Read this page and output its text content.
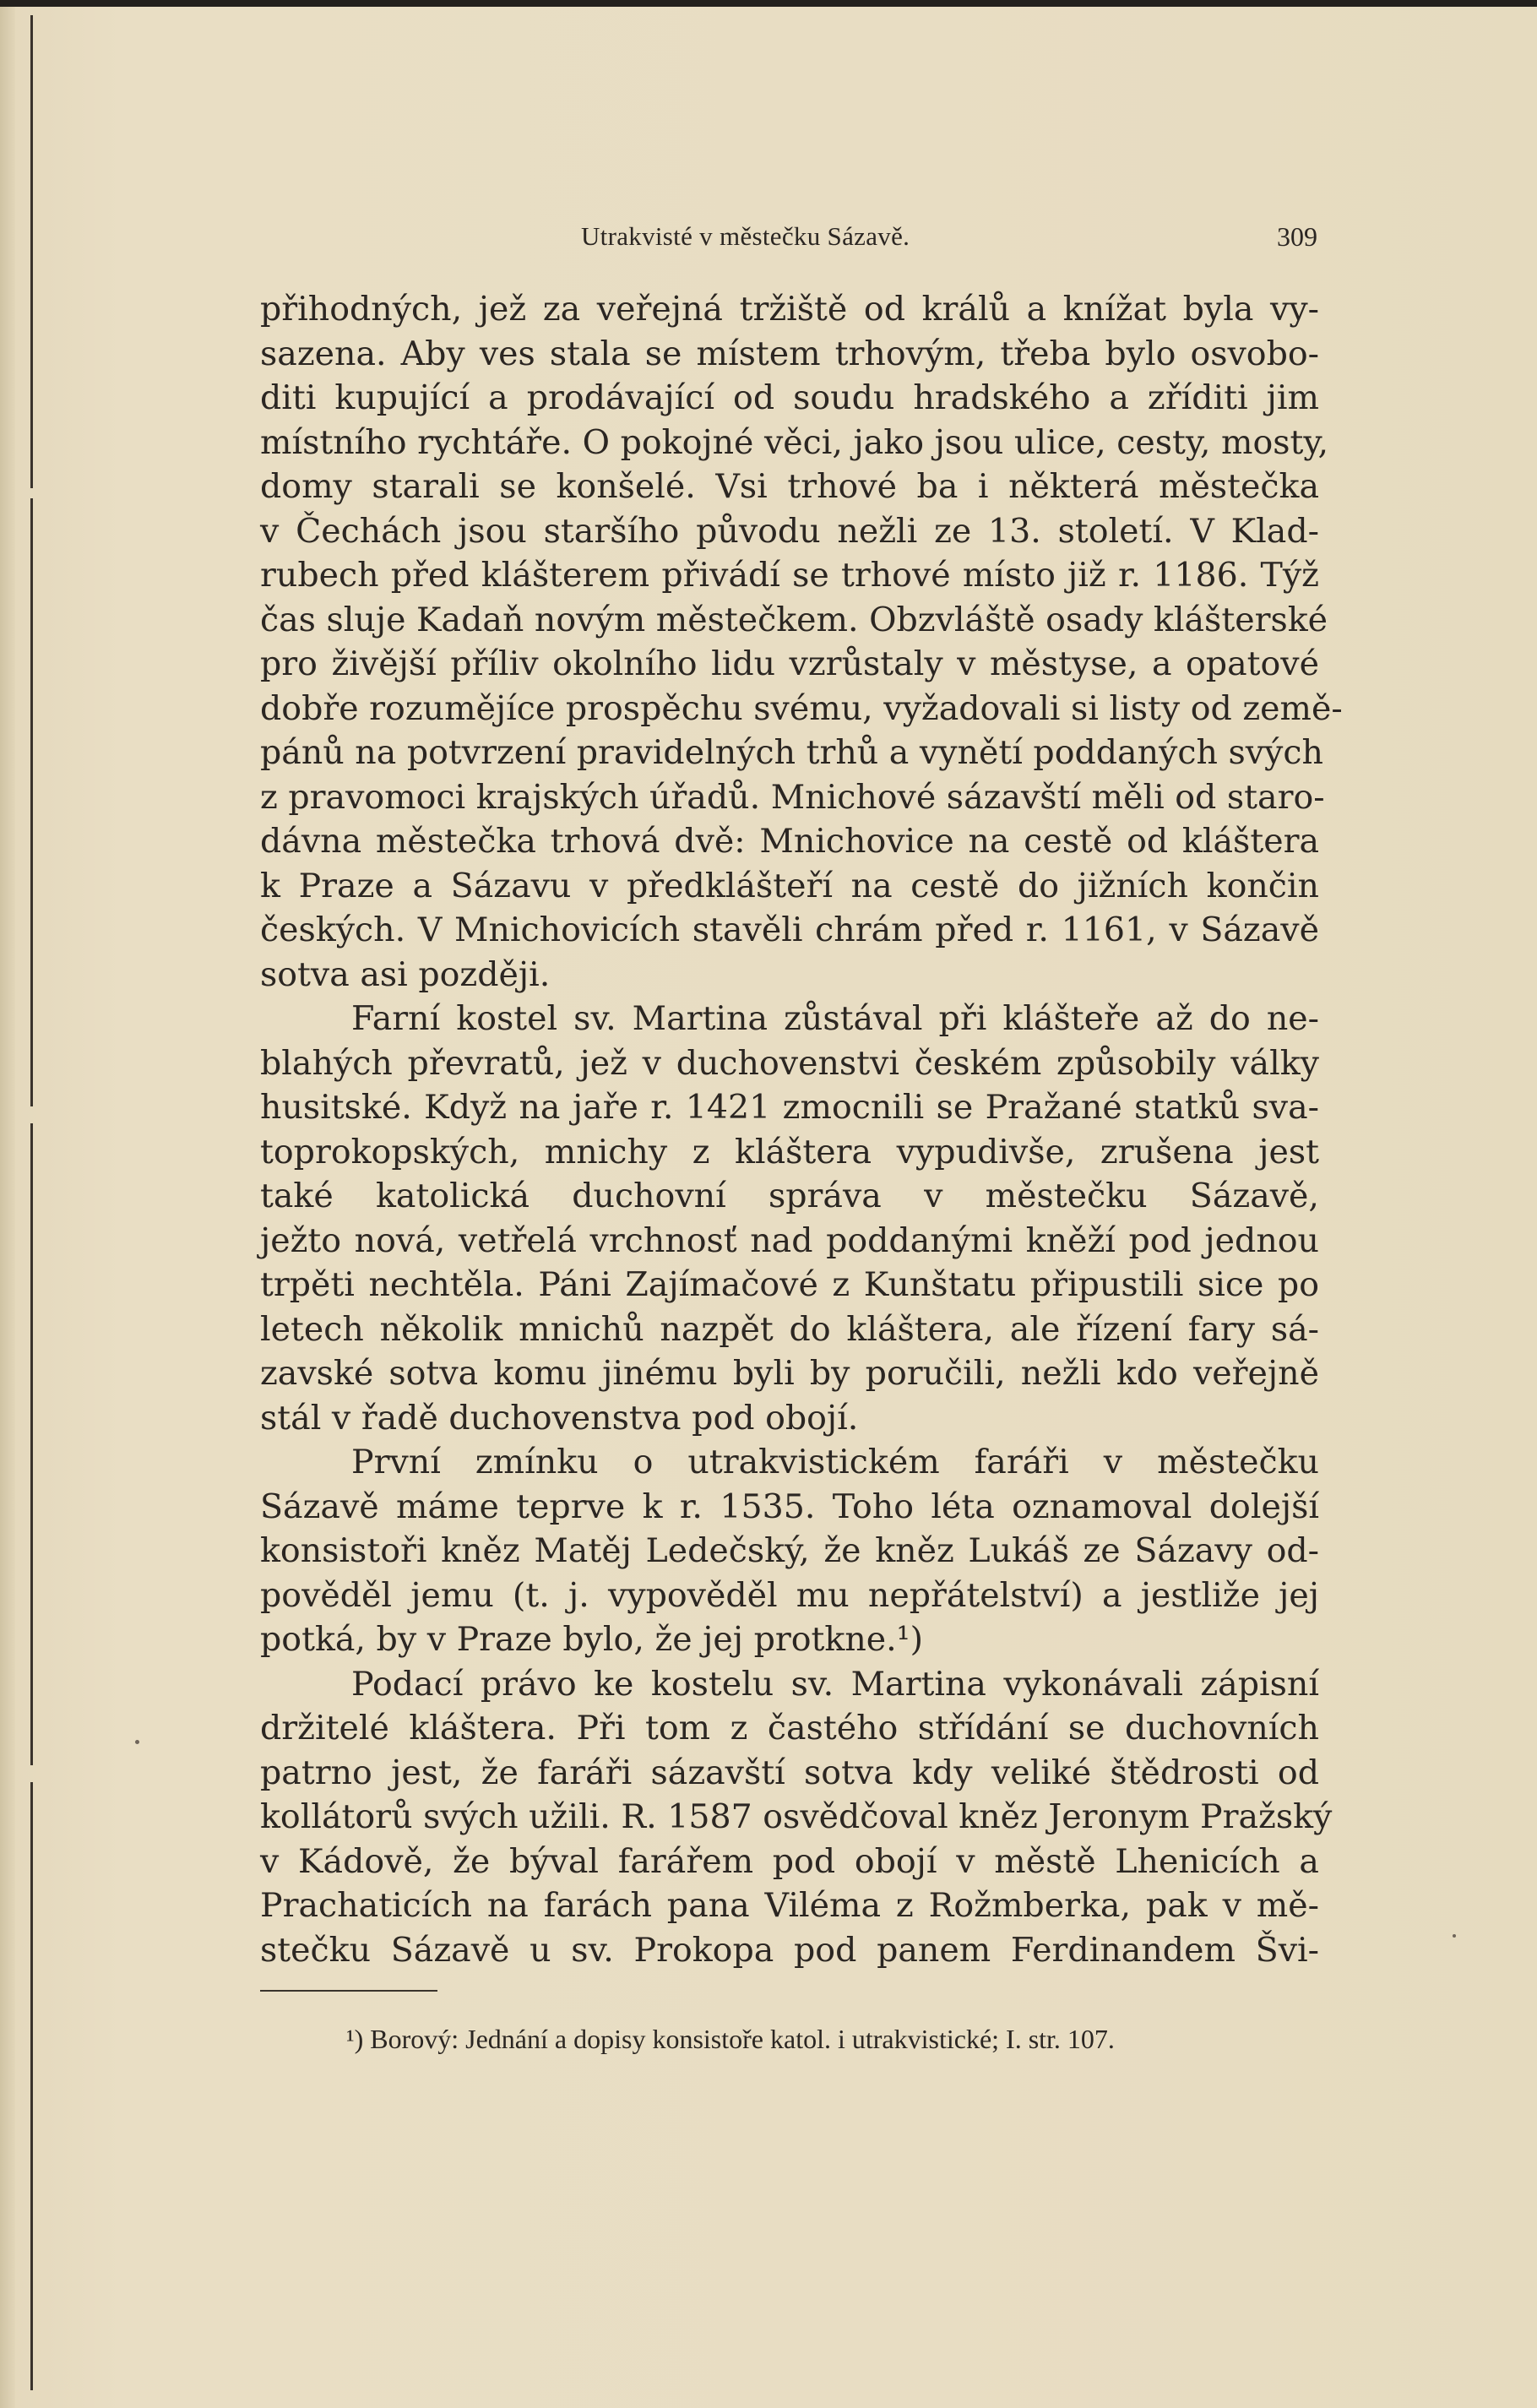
Utrakvisté v městečku Sázavě.	309
přihodných, jež za veřejná tržiště od králů a knížat byla vy-
sazena. Aby ves stala se místem trhovým, třeba bylo osvobo-
diti kupující a prodávající od soudu hradského a zříditi jim
místního rychtáře. O pokojné věci, jako jsou ulice, cesty, mosty,
domy starali se konšelé. Vsi trhové ba i některá městečka
v Čechách jsou staršího původu nežli ze 13. století. V Klad-
rubech před klášterem přivádí se trhové místo již r. 1186. Týž
čas sluje Kadaň novým městečkem. Obzvláště osady klášterské
pro živější příliv okolního lidu vzrůstaly v městyse, a opatové
dobře rozumějíce prospěchu svému, vyžadovali si listy od země-
pánů na potvrzení pravidelných trhů a vynětí poddaných svých
z pravomoci krajských úřadů. Mnichové sázavští měli od staro-
dávna městečka trhová dvě: Mnichovice na cestě od kláštera
k Praze a Sázavu v předklášteří na cestě do jižních končin
českých. V Mnichovicích stavěli chrám před r. 1161, v Sázavě
sotva asi později.
Farní kostel sv. Martina zůstával při klášteře až do ne-
blahých převratů, jež v duchovenstvi českém způsobily války
husitské. Když na jaře r. 1421 zmocnili se Pražané statků sva-
toprokopských, mnichy z kláštera vypudivše, zrušena jest
také katolická duchovní správa v městečku Sázavě,
ježto nová, vetřelá vrchnosť nad poddanými kněží pod jednou
trpěti nechtěla. Páni Zajímačové z Kunštatu připustili sice po
letech několik mnichů nazpět do kláštera, ale řízení fary sá-
zavské sotva komu jinému byli by poručili, nežli kdo veřejně
stál v řadě duchovenstva pod obojí.
První zmínku o utrakvistickém faráři v městečku
Sázavě máme teprve k r. 1535. Toho léta oznamoval dolejší
konsistoři kněz Matěj Ledečský, že kněz Lukáš ze Sázavy od-
pověděl jemu (t. j. vypověděl mu nepřátelství) a jestliže jej
potká, by v Praze bylo, že jej protkne.¹)
Podací právo ke kostelu sv. Martina vykonávali zápisní
držitelé kláštera. Při tom z častého střídání se duchovních
patrno jest, že faráři sázavští sotva kdy veliké štědrosti od
kollátorů svých užili. R. 1587 osvědčoval kněz Jeronym Pražský
v Kádově, že býval farářem pod obojí v městě Lhenicích a
Prachaticích na farách pana Viléma z Rožmberka, pak v mě-
stečku Sázavě u sv. Prokopa pod panem Ferdinandem Švi-
¹) Borový: Jednání a dopisy konsistoře katol. i utrakvistické; I. str. 107.
